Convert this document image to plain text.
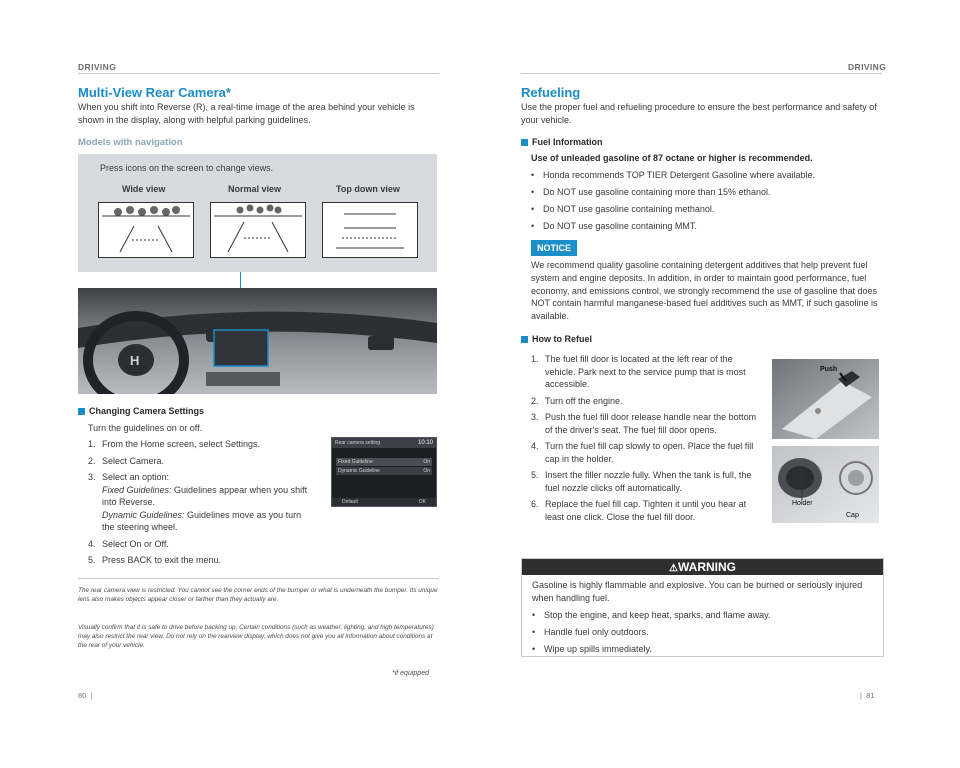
DRIVING
Multi-View Rear Camera*
When you shift into Reverse (R), a real-time image of the area behind your vehicle is shown in the display, along with helpful parking guidelines.
Models with navigation
Press icons on the screen to change views.
Wide view	Normal view	Top down view
H
Changing Camera Settings
Turn the guidelines on or off.
1. From the Home screen, select Settings.
2. Select Camera.
3. Select an option:
Fixed Guidelines: Guidelines appear when you shift into Reverse.
Dynamic Guidelines: Guidelines move as you turn the steering wheel.
4. Select On or Off.
5. Press BACK to exit the menu.
Rear camera setting	10:10
Fixed Guideline	On
Dynamic Guideline	On
Default	OK
The rear camera view is restricted. You cannot see the corner ends of the bumper or what is underneath the bumper. Its unique lens also makes objects appear closer or farther than they actually are.
Visually confirm that it is safe to drive before backing up. Certain conditions (such as weather, lighting, and high temperatures) may also restrict the rear view. Do not rely on the rearview display, which does not give you all information about conditions at the rear of your vehicle.
*if equipped
80  |
DRIVING
Refueling
Use the proper fuel and refueling procedure to ensure the best performance and safety of your vehicle.
Fuel Information
Use of unleaded gasoline of 87 octane or higher is recommended.
• Honda recommends TOP TIER Detergent Gasoline where available.
• Do NOT use gasoline containing more than 15% ethanol.
• Do NOT use gasoline containing methanol.
• Do NOT use gasoline containing MMT.
NOTICE
We recommend quality gasoline containing detergent additives that help prevent fuel system and engine deposits. In addition, in order to maintain good performance, fuel economy, and emissions control, we strongly recommend the use of gasoline that does NOT contain harmful manganese-based fuel additives such as MMT, if such gasoline is available.
How to Refuel
1. The fuel fill door is located at the left rear of the vehicle. Park next to the service pump that is most accessible.
2. Turn off the engine.
3. Push the fuel fill door release handle near the bottom of the driver's seat. The fuel fill door opens.
4. Turn the fuel fill cap slowly to open. Place the fuel fill cap in the holder.
5. Insert the filler nozzle fully. When the tank is full, the fuel nozzle clicks off automatically.
6. Replace the fuel fill cap. Tighten it until you hear at least one click. Close the fuel fill door.
Push
Holder
Cap
⚠WARNING
Gasoline is highly flammable and explosive. You can be burned or seriously injured when handling fuel.
• Stop the engine, and keep heat, sparks, and flame away.
• Handle fuel only outdoors.
• Wipe up spills immediately.
|  81
